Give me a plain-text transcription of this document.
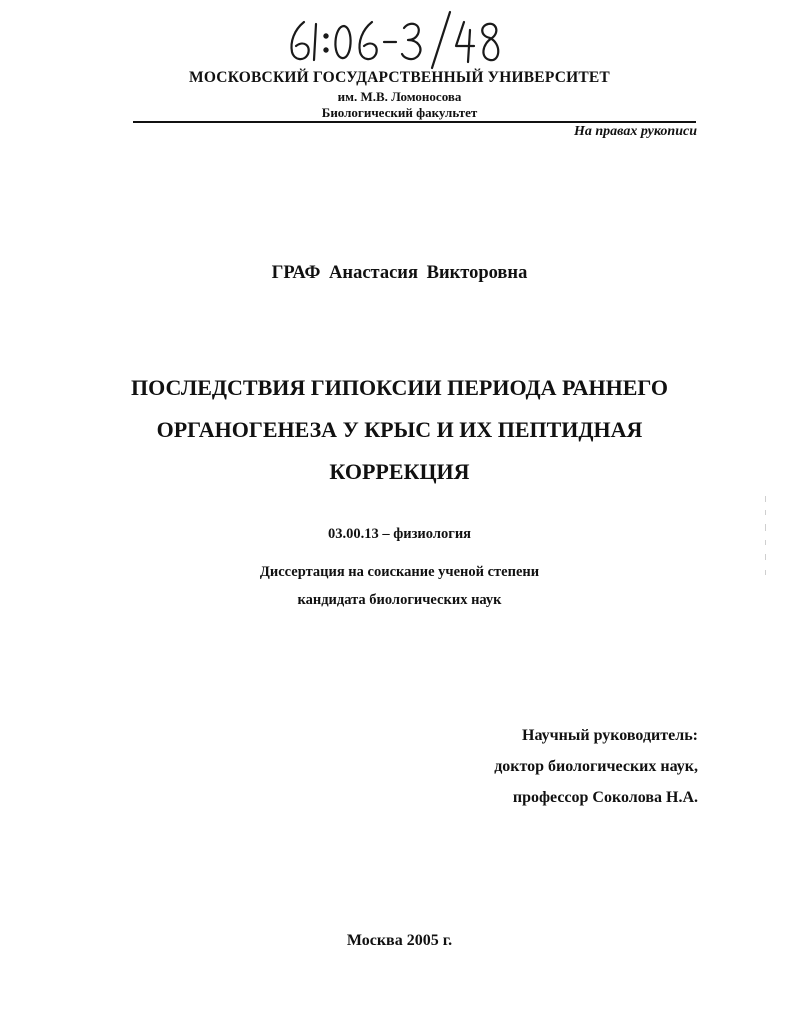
МОСКОВСКИЙ ГОСУДАРСТВЕННЫЙ УНИВЕРСИТЕТ
им. М.В. Ломоносова
Биологический факультет
На правах рукописи
ГРАФ Анастасия Викторовна
ПОСЛЕДСТВИЯ ГИПОКСИИ ПЕРИОДА РАННЕГО
ОРГАНОГЕНЕЗА У КРЫС И ИХ ПЕПТИДНАЯ
КОРРЕКЦИЯ
03.00.13 – физиология
Диссертация на соискание ученой степени
кандидата биологических наук
Научный руководитель:
доктор биологических наук,
профессор Соколова Н.А.
Москва 2005 г.
